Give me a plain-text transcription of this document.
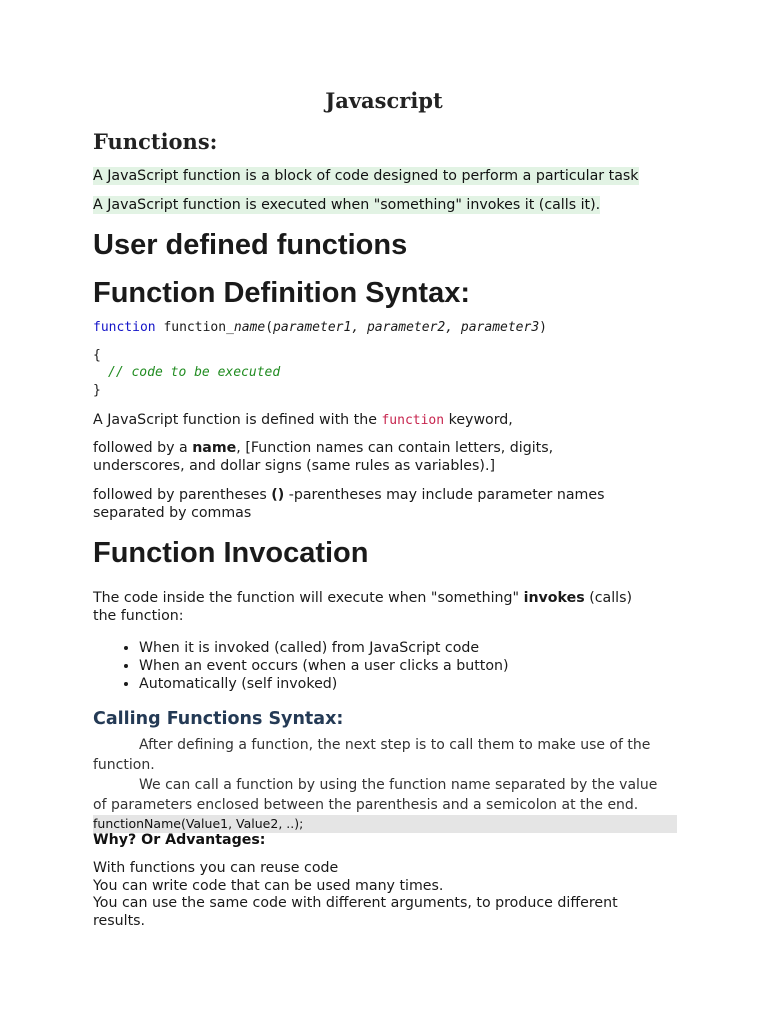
Javascript
Functions:

A JavaScript function is a block of code designed to perform a particular task

A JavaScript function is executed when "something" invokes it (calls it).

User defined functions
Function Definition Syntax:
function function_name(parameter1, parameter2, parameter3)
{
// code to be executed
}

A JavaScript function is defined with the function keyword,

followed by a name, [Function names can contain letters, digits,
underscores, and dollar signs (same rules as variables).]
followed by parentheses () -parentheses may include parameter names
separated by commas
Function Invocation
The code inside the function will execute when "something" invokes (calls)
the function:
• When it is invoked (called) from JavaScript code
• When an event occurs (when a user clicks a button)
• Automatically (self invoked)
Calling Functions Syntax:

After defining a function, the next step is to call them to make use of the function.

We can call a function by using the function name separated by the value of parameters enclosed between the parenthesis and a semicolon at the end.

functionName(Value1, Value2, ..);
Why? Or Advantages:
With functions you can reuse code
You can write code that can be used many times.
You can use the same code with different arguments, to produce different
results.
